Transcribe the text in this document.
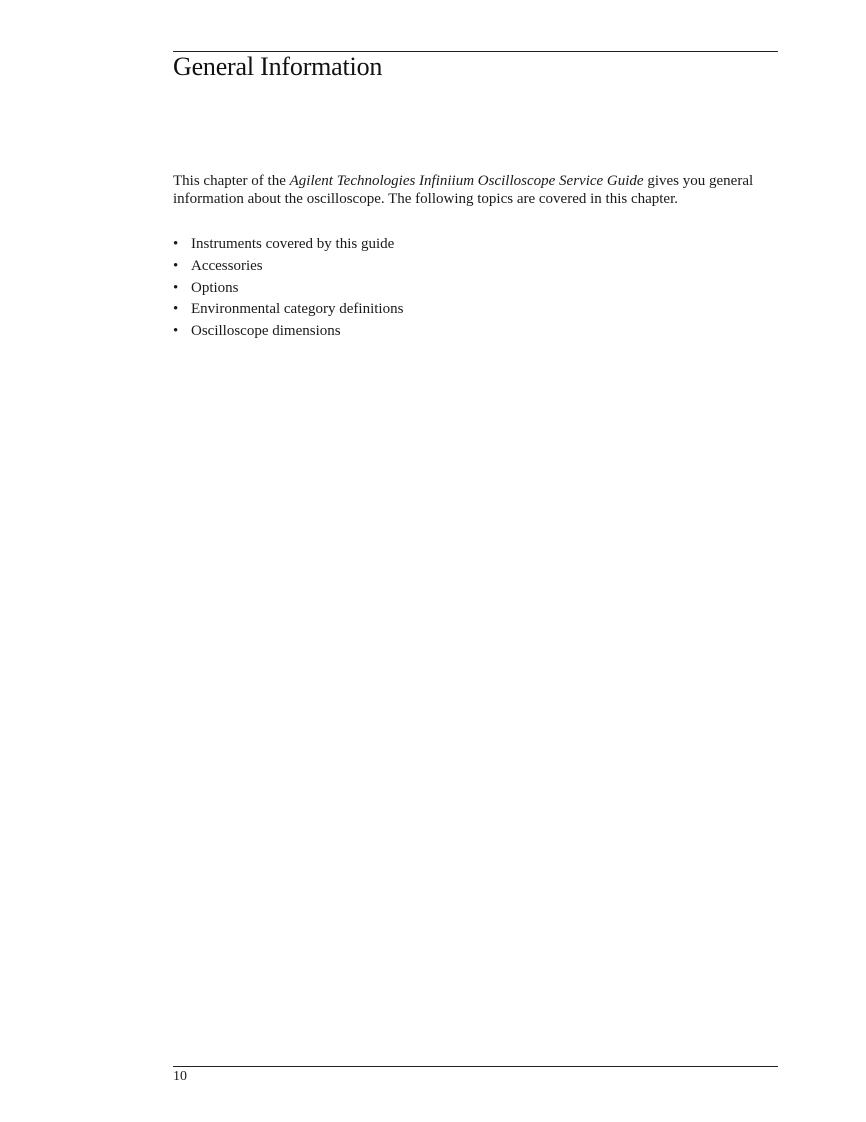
General Information

This chapter of the Agilent Technologies Infiniium Oscilloscope Service Guide gives you general information about the oscilloscope. The following topics are covered in this chapter.

• Instruments covered by this guide
• Accessories
• Options
• Environmental category definitions
• Oscilloscope dimensions
10
